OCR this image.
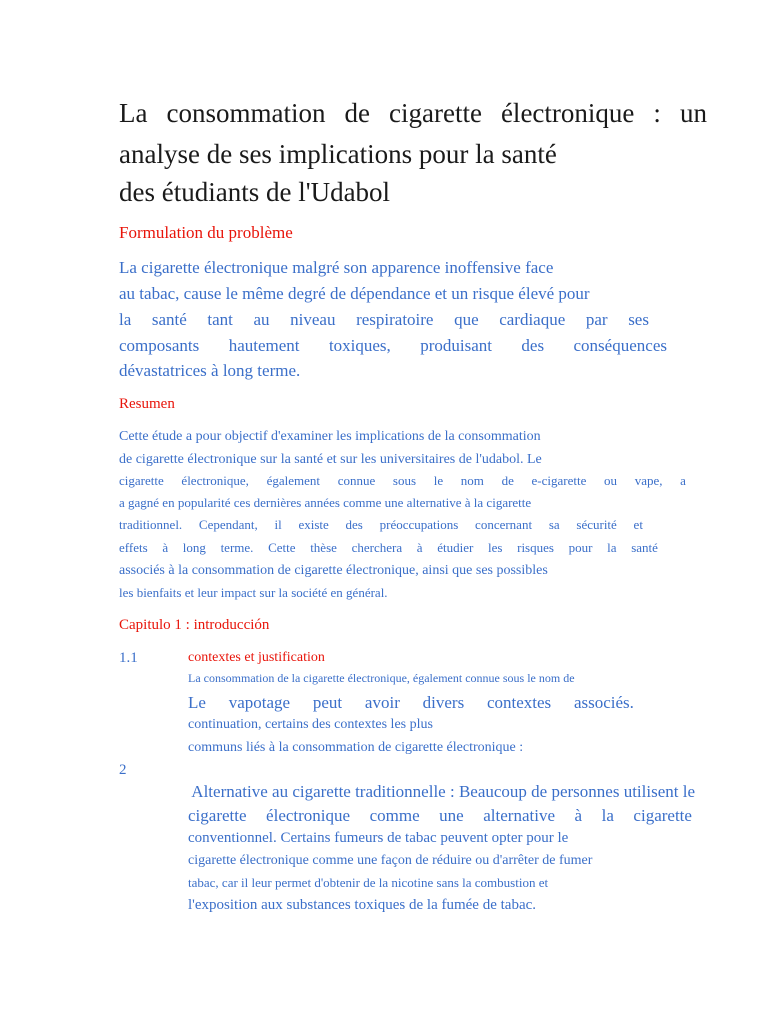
La consommation de cigarette électronique : un
analyse de ses implications pour la santé
des étudiants de l'Udabol
Formulation du problème
La cigarette électronique malgré son apparence inoffensive face
au tabac, cause le même degré de dépendance et un risque élevé pour
la santé tant au niveau respiratoire que cardiaque par ses
composants hautement toxiques, produisant des conséquences
dévastatrices à long terme.
Resumen
Cette étude a pour objectif d'examiner les implications de la consommation
de cigarette électronique sur la santé et sur les universitaires de l'udabol. Le
cigarette électronique, également connue sous le nom de e-cigarette ou vape, a
a gagné en popularité ces dernières années comme une alternative à la cigarette
traditionnel. Cependant, il existe des préoccupations concernant sa sécurité et
effets à long terme. Cette thèse cherchera à étudier les risques pour la santé
associés à la consommation de cigarette électronique, ainsi que ses possibles
les bienfaits et leur impact sur la société en général.
Capitulo 1 : introducción
1.1	contextes et justification
La consommation de la cigarette électronique, également connue sous le nom de
Le vapotage peut avoir divers contextes associés.
continuation, certains des contextes les plus
communs liés à la consommation de cigarette électronique :
2
Alternative au cigarette traditionnelle : Beaucoup de personnes utilisent le
cigarette électronique comme une alternative à la cigarette
conventionnel. Certains fumeurs de tabac peuvent opter pour le
cigarette électronique comme une façon de réduire ou d'arrêter de fumer
tabac, car il leur permet d'obtenir de la nicotine sans la combustion et
l'exposition aux substances toxiques de la fumée de tabac.
